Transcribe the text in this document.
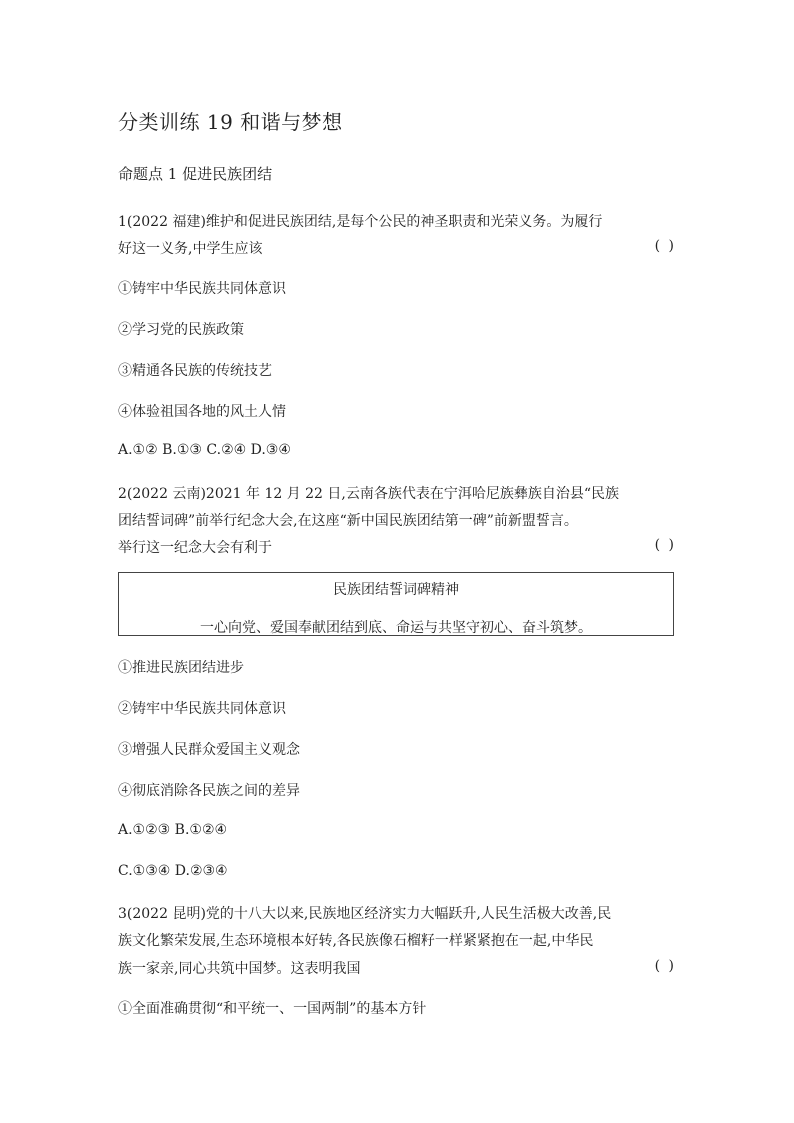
分类训练 19 和谐与梦想
命题点 1 促进民族团结
1(2022 福建)维护和促进民族团结,是每个公民的神圣职责和光荣义务。为履行
好这一义务,中学生应该	( )
①铸牢中华民族共同体意识
②学习党的民族政策
③精通各民族的传统技艺
④体验祖国各地的风土人情
A.①② B.①③ C.②④ D.③④
2(2022 云南)2021 年 12 月 22 日,云南各族代表在宁洱哈尼族彝族自治县“民族
团结誓词碑”前举行纪念大会,在这座“新中国民族团结第一碑”前新盟誓言。
举行这一纪念大会有利于	( )
民族团结誓词碑精神
一心向党、爱国奉献团结到底、命运与共坚守初心、奋斗筑梦。
①推进民族团结进步
②铸牢中华民族共同体意识
③增强人民群众爱国主义观念
④彻底消除各民族之间的差异
A.①②③ B.①②④
C.①③④ D.②③④
3(2022 昆明)党的十八大以来,民族地区经济实力大幅跃升,人民生活极大改善,民
族文化繁荣发展,生态环境根本好转,各民族像石榴籽一样紧紧抱在一起,中华民
族一家亲,同心共筑中国梦。这表明我国	( )
①全面准确贯彻“和平统一、一国两制”的基本方针
